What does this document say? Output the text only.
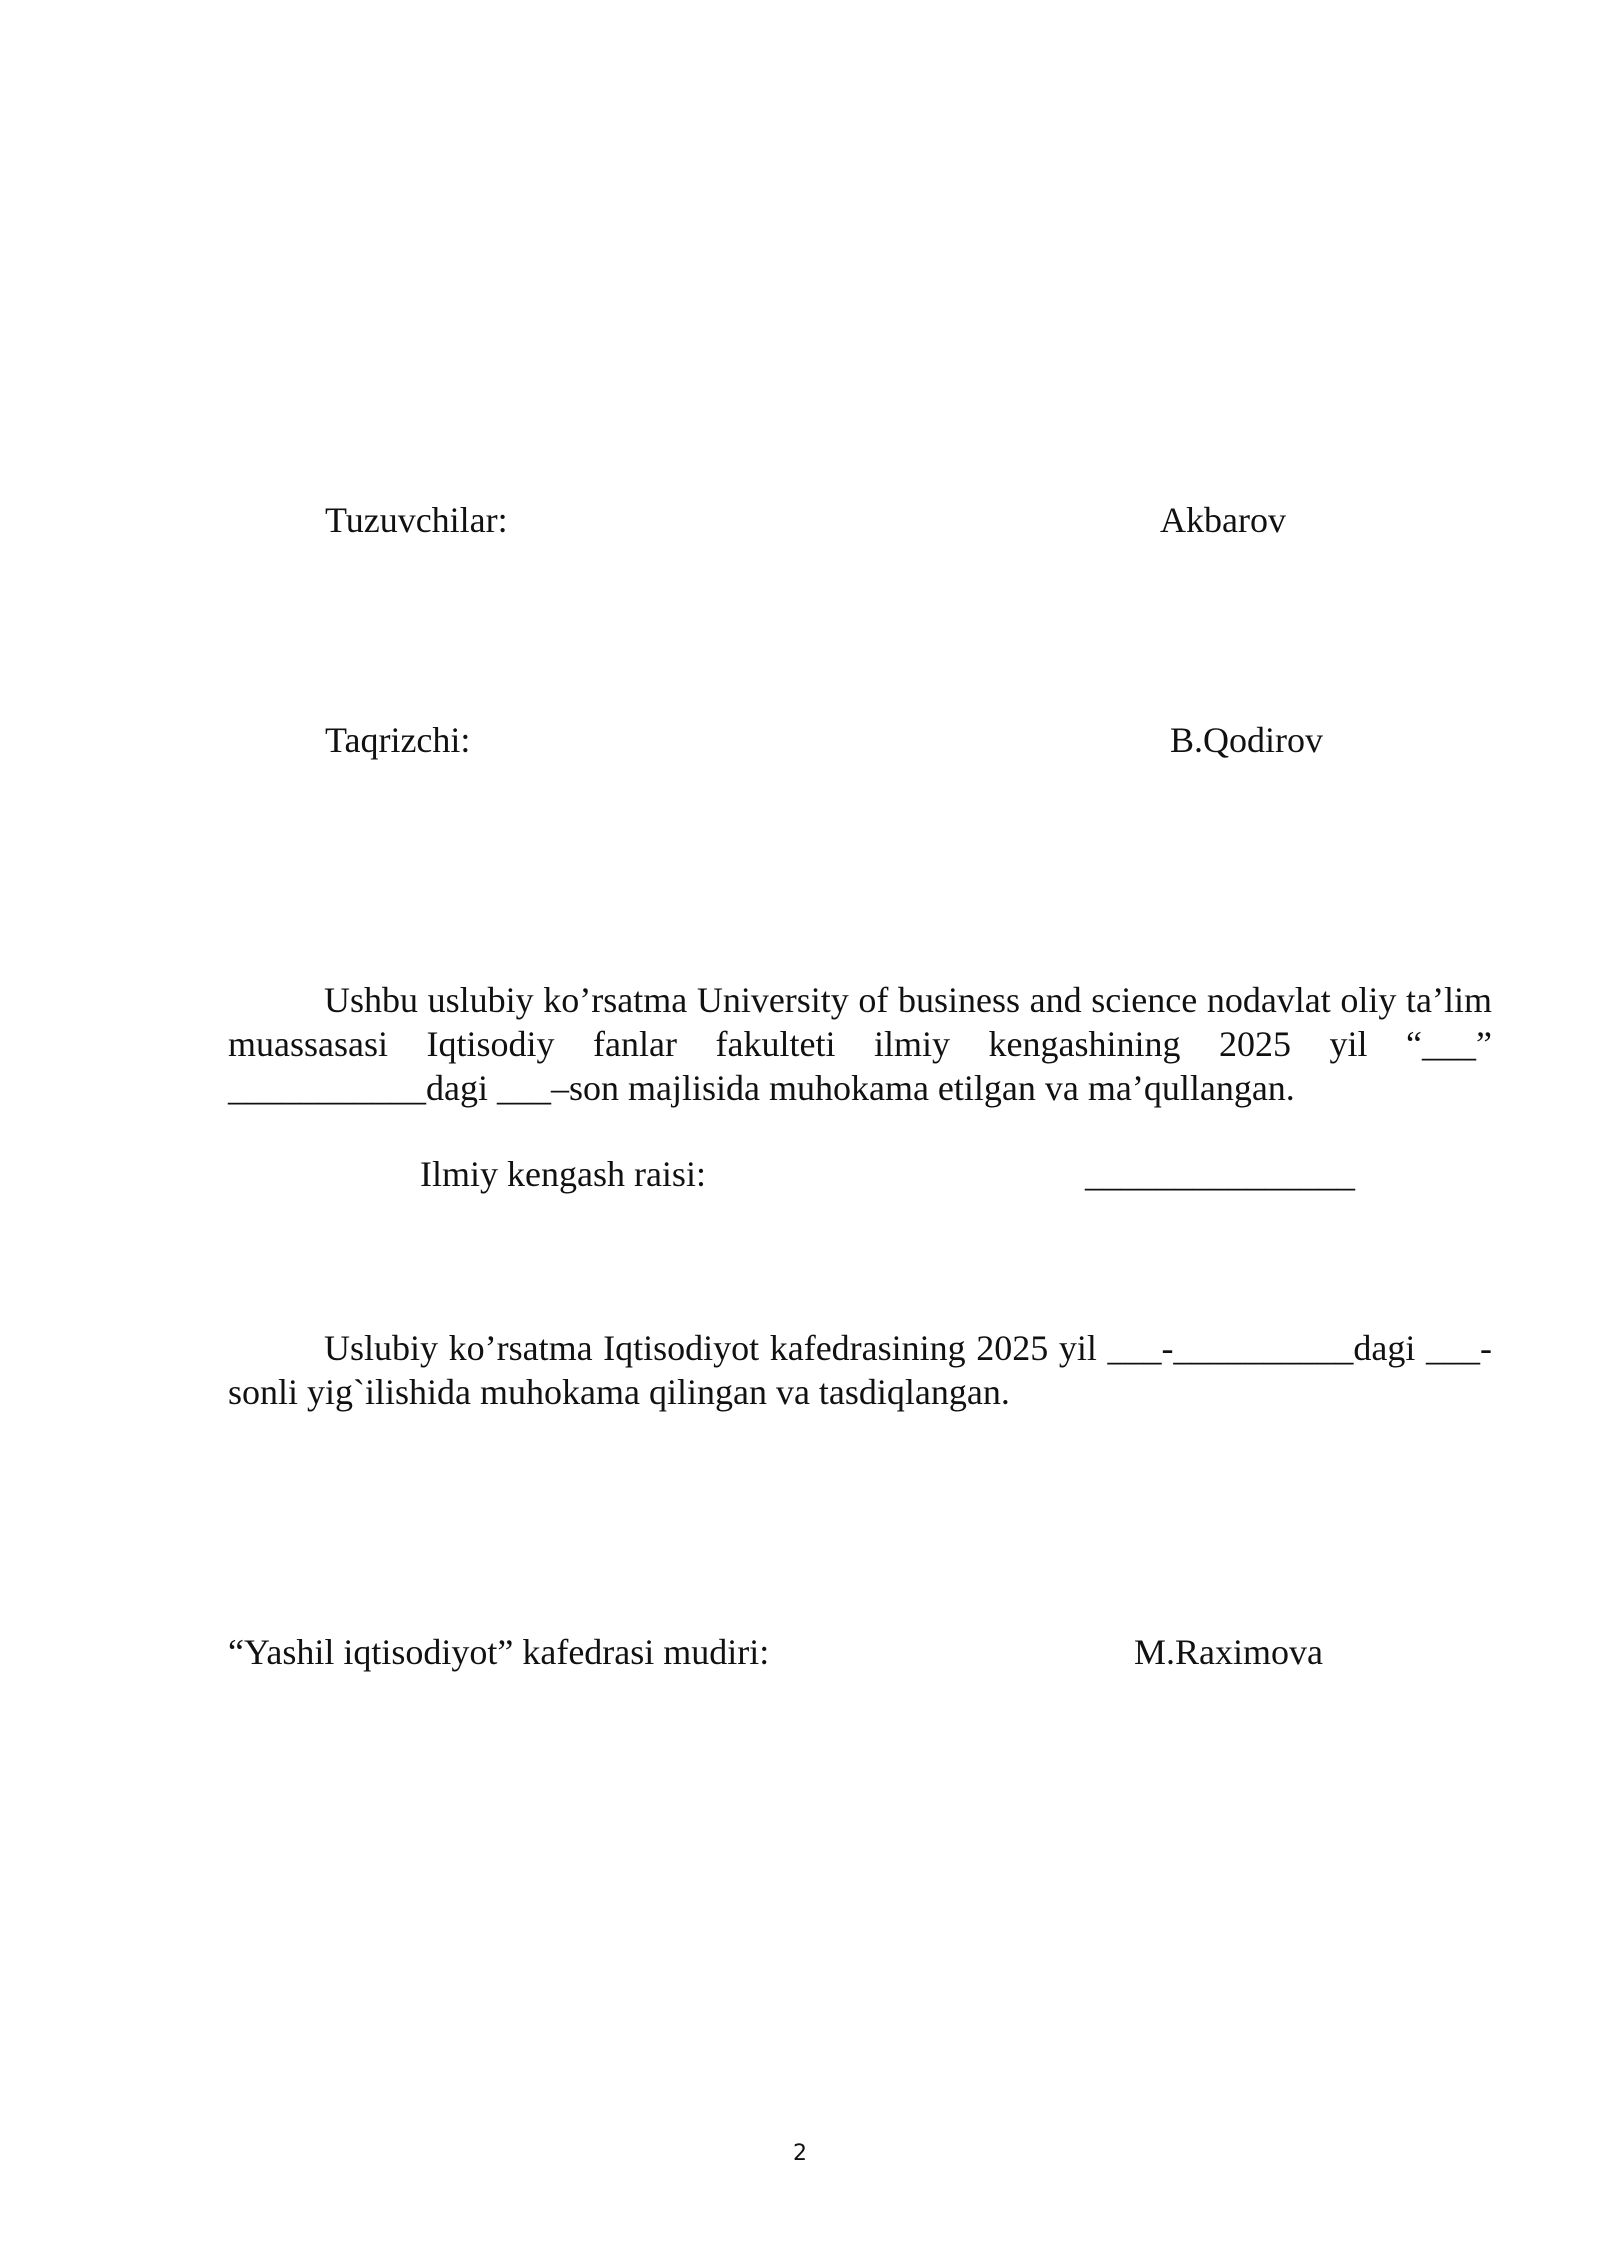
Tuzuvchilar:	Akbarov
Taqrizchi:	B.Qodirov
Ushbu uslubiy ko’rsatma University of business and science nodavlat oliy ta’lim muassasasi Iqtisodiy fanlar fakulteti ilmiy kengashining 2025 yil “___” ___________dagi ___–son majlisida muhokama etilgan va ma’qullangan.
Ilmiy kengash raisi:	_______________
Uslubiy ko’rsatma Iqtisodiyot kafedrasining 2025 yil ___-__________dagi ___-sonli yig`ilishida muhokama qilingan va tasdiqlangan.
“Yashil iqtisodiyot” kafedrasi mudiri:	M.Raximova
2
